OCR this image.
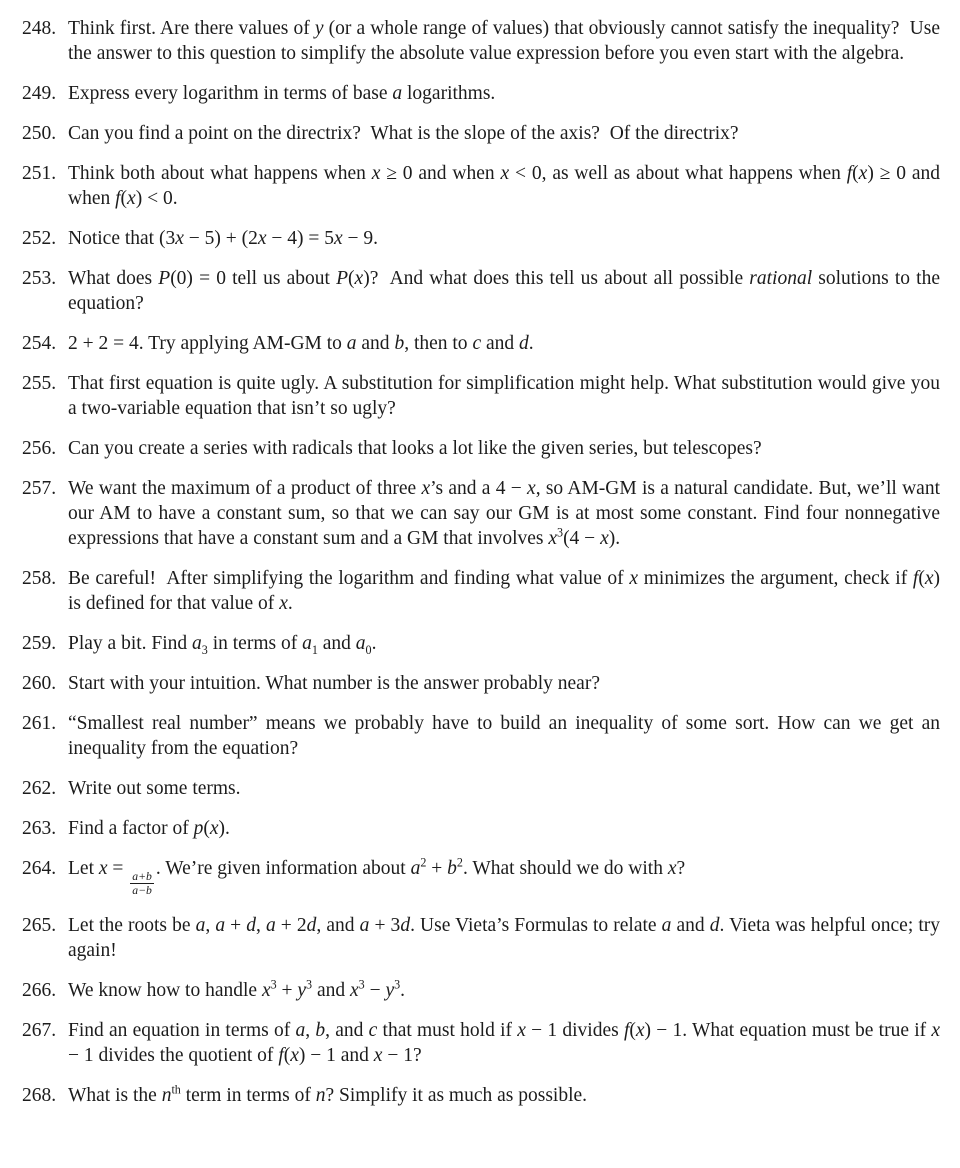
248. Think first. Are there values of y (or a whole range of values) that obviously cannot satisfy the inequality?  Use the answer to this question to simplify the absolute value expression before you even start with the algebra.
249. Express every logarithm in terms of base a logarithms.
250. Can you find a point on the directrix?  What is the slope of the axis?  Of the directrix?
251. Think both about what happens when x ≥ 0 and when x < 0, as well as about what happens when f(x) ≥ 0 and when f(x) < 0.
252. Notice that (3x − 5) + (2x − 4) = 5x − 9.
253. What does P(0) = 0 tell us about P(x)?  And what does this tell us about all possible rational solutions to the equation?
254. 2 + 2 = 4. Try applying AM-GM to a and b, then to c and d.
255. That first equation is quite ugly. A substitution for simplification might help. What substitution would give you a two-variable equation that isn’t so ugly?
256. Can you create a series with radicals that looks a lot like the given series, but telescopes?
257. We want the maximum of a product of three x’s and a 4 − x, so AM-GM is a natural candidate. But, we’ll want our AM to have a constant sum, so that we can say our GM is at most some constant. Find four nonnegative expressions that have a constant sum and a GM that involves $x^3(4 - x)$.
258. Be careful!  After simplifying the logarithm and finding what value of x minimizes the argument, check if f(x) is defined for that value of x.
259. Play a bit. Find $a_3$ in terms of $a_1$ and $a_0$.
260. Start with your intuition. What number is the answer probably near?
261. “Smallest real number” means we probably have to build an inequality of some sort. How can we get an inequality from the equation?
262. Write out some terms.
263. Find a factor of p(x).
264. Let x =
$\frac{a+b}{a-b}$
. We’re given information about $a^2 + b^2$. What should we do with x?
265. Let the roots be a, a + d, a + 2d, and a + 3d. Use Vieta’s Formulas to relate a and d. Vieta was helpful once; try again!
266. We know how to handle $x^3 + y^3$ and $x^3 - y^3$.
267. Find an equation in terms of a, b, and c that must hold if x − 1 divides f(x) − 1. What equation must be true if x − 1 divides the quotient of f(x) − 1 and x − 1?
268. What is the $n^{th}$ term in terms of n? Simplify it as much as possible.
